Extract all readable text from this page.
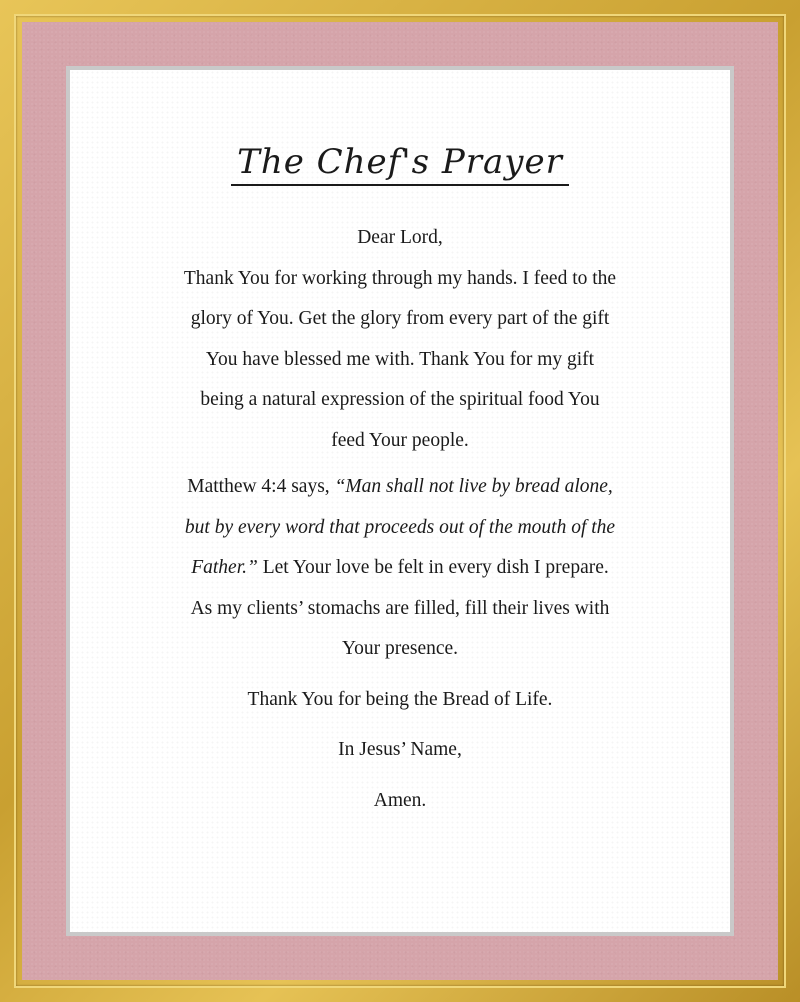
The Chef's Prayer
Dear Lord,
Thank You for working through my hands. I feed to the
glory of You. Get the glory from every part of the gift
You have blessed me with. Thank You for my gift
being a natural expression of the spiritual food You
feed Your people.
Matthew 4:4 says, “Man shall not live by bread alone,
but by every word that proceeds out of the mouth of the
Father.” Let Your love be felt in every dish I prepare.
As my clients’ stomachs are filled, fill their lives with
Your presence.
Thank You for being the Bread of Life.
In Jesus’ Name,
Amen.
